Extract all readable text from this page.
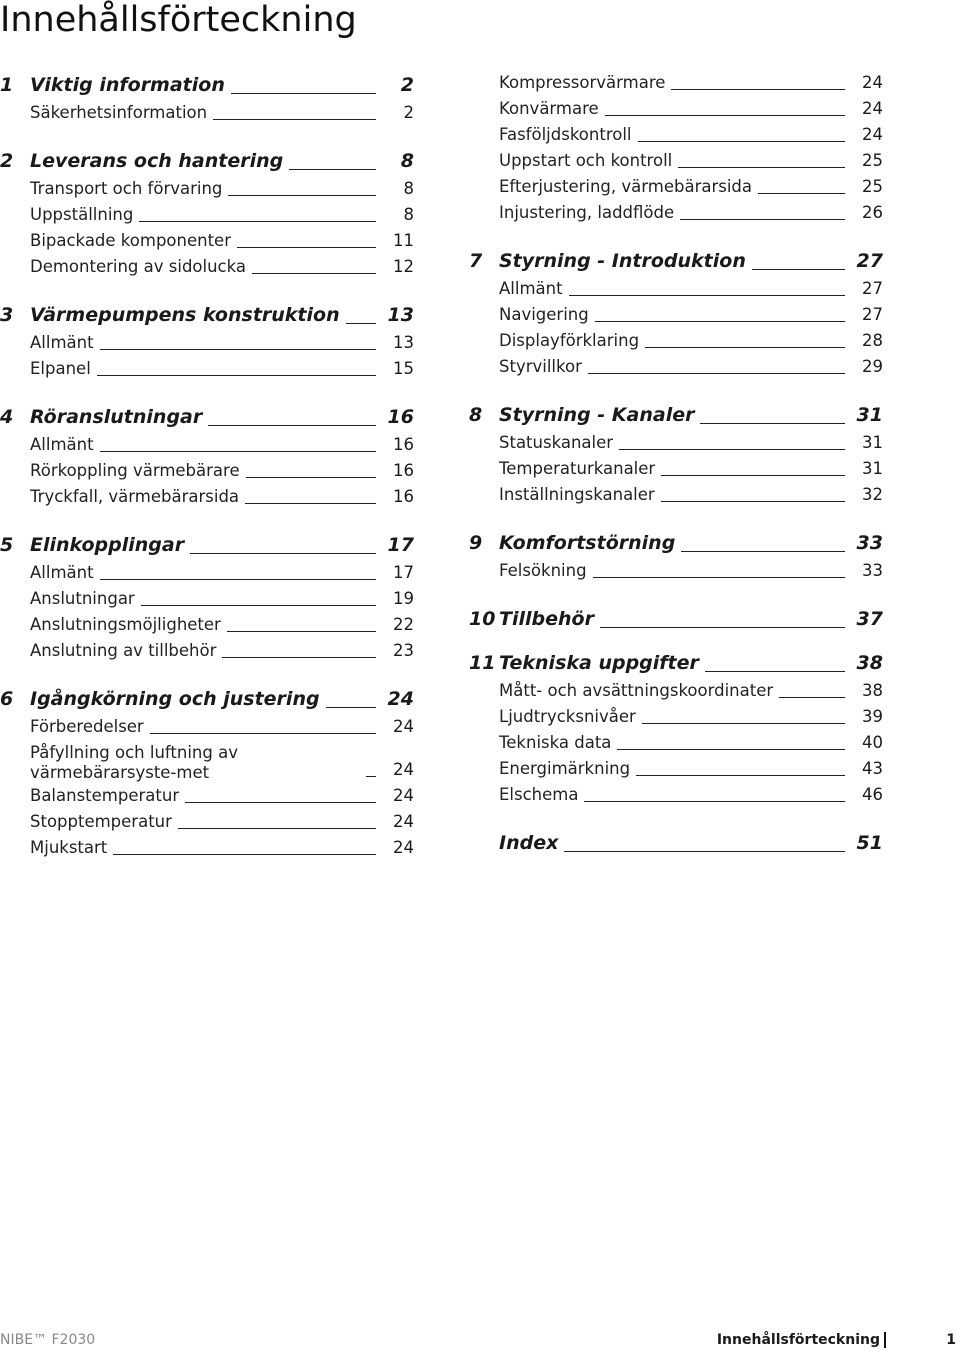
Innehållsförteckning
1 Viktig information	2
Säkerhetsinformation	2
2 Leverans och hantering	8
Transport och förvaring	8
Uppställning	8
Bipackade komponenter	11
Demontering av sidolucka	12
3 Värmepumpens konstruktion	13
Allmänt	13
Elpanel	15
4 Röranslutningar	16
Allmänt	16
Rörkoppling värmebärare	16
Tryckfall, värmebärarsida	16
5 Elinkopplingar	17
Allmänt	17
Anslutningar	19
Anslutningsmöjligheter	22
Anslutning av tillbehör	23
6 Igångkörning och justering	24
Förberedelser	24
Påfyllning och luftning av värmebärarsyste-met	24
Balanstemperatur	24
Stopptemperatur	24
Mjukstart	24
Kompressorvärmare	24
Konvärmare	24
Fasföljdskontroll	24
Uppstart och kontroll	25
Efterjustering, värmebärarsida	25
Injustering, laddflöde	26
7 Styrning - Introduktion	27
Allmänt	27
Navigering	27
Displayförklaring	28
Styrvillkor	29
8 Styrning - Kanaler	31
Statuskanaler	31
Temperaturkanaler	31
Inställningskanaler	32
9 Komfortstörning	33
Felsökning	33
10 Tillbehör	37
11 Tekniska uppgifter	38
Mått- och avsättningskoordinater	38
Ljudtrycksnivåer	39
Tekniska data	40
Energimärkning	43
Elschema	46
Index	51
NIBE™ F2030	Innehållsförteckning	1
